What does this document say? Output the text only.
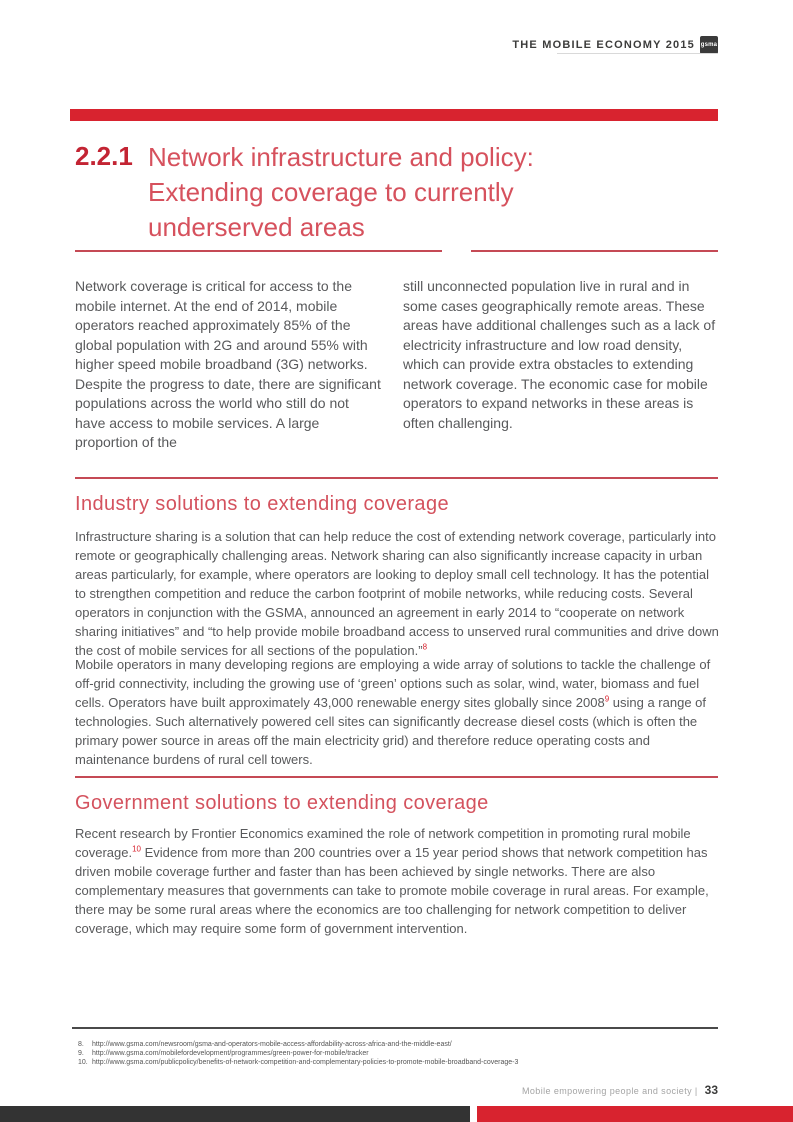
THE MOBILE ECONOMY 2015 gsma
2.2.1 Network infrastructure and policy:
Extending coverage to currently
underserved areas
Network coverage is critical for access to the mobile internet. At the end of 2014, mobile operators reached approximately 85% of the global population with 2G and around 55% with higher speed mobile broadband (3G) networks. Despite the progress to date, there are significant populations across the world who still do not have access to mobile services. A large proportion of the
still unconnected population live in rural and in some cases geographically remote areas. These areas have additional challenges such as a lack of electricity infrastructure and low road density, which can provide extra obstacles to extending network coverage. The economic case for mobile operators to expand networks in these areas is often challenging.
Industry solutions to extending coverage
Infrastructure sharing is a solution that can help reduce the cost of extending network coverage, particularly into remote or geographically challenging areas. Network sharing can also significantly increase capacity in urban areas particularly, for example, where operators are looking to deploy small cell technology. It has the potential to strengthen competition and reduce the carbon footprint of mobile networks, while reducing costs. Several operators in conjunction with the GSMA, announced an agreement in early 2014 to “cooperate on network sharing initiatives” and “to help provide mobile broadband access to unserved rural communities and drive down the cost of mobile services for all sections of the population.”$^8$
Mobile operators in many developing regions are employing a wide array of solutions to tackle the challenge of off-grid connectivity, including the growing use of ‘green’ options such as solar, wind, water, biomass and fuel cells. Operators have built approximately 43,000 renewable energy sites globally since 2008$^9$ using a range of technologies. Such alternatively powered cell sites can significantly decrease diesel costs (which is often the primary power source in areas off the main electricity grid) and therefore reduce operating costs and maintenance burdens of rural cell towers.
Government solutions to extending coverage
Recent research by Frontier Economics examined the role of network competition in promoting rural mobile coverage.$^{10}$ Evidence from more than 200 countries over a 15 year period shows that network competition has driven mobile coverage further and faster than has been achieved by single networks. There are also complementary measures that governments can take to promote mobile coverage in rural areas. For example, there may be some rural areas where the economics are too challenging for network competition to deliver coverage, which may require some form of government intervention.
8.	http://www.gsma.com/newsroom/gsma-and-operators-mobile-access-affordability-across-africa-and-the-middle-east/
9.	http://www.gsma.com/mobilefordevelopment/programmes/green-power-for-mobile/tracker
10. http://www.gsma.com/publicpolicy/benefits-of-network-competition-and-complementary-policies-to-promote-mobile-broadband-coverage-3
Mobile empowering people and society | 33
